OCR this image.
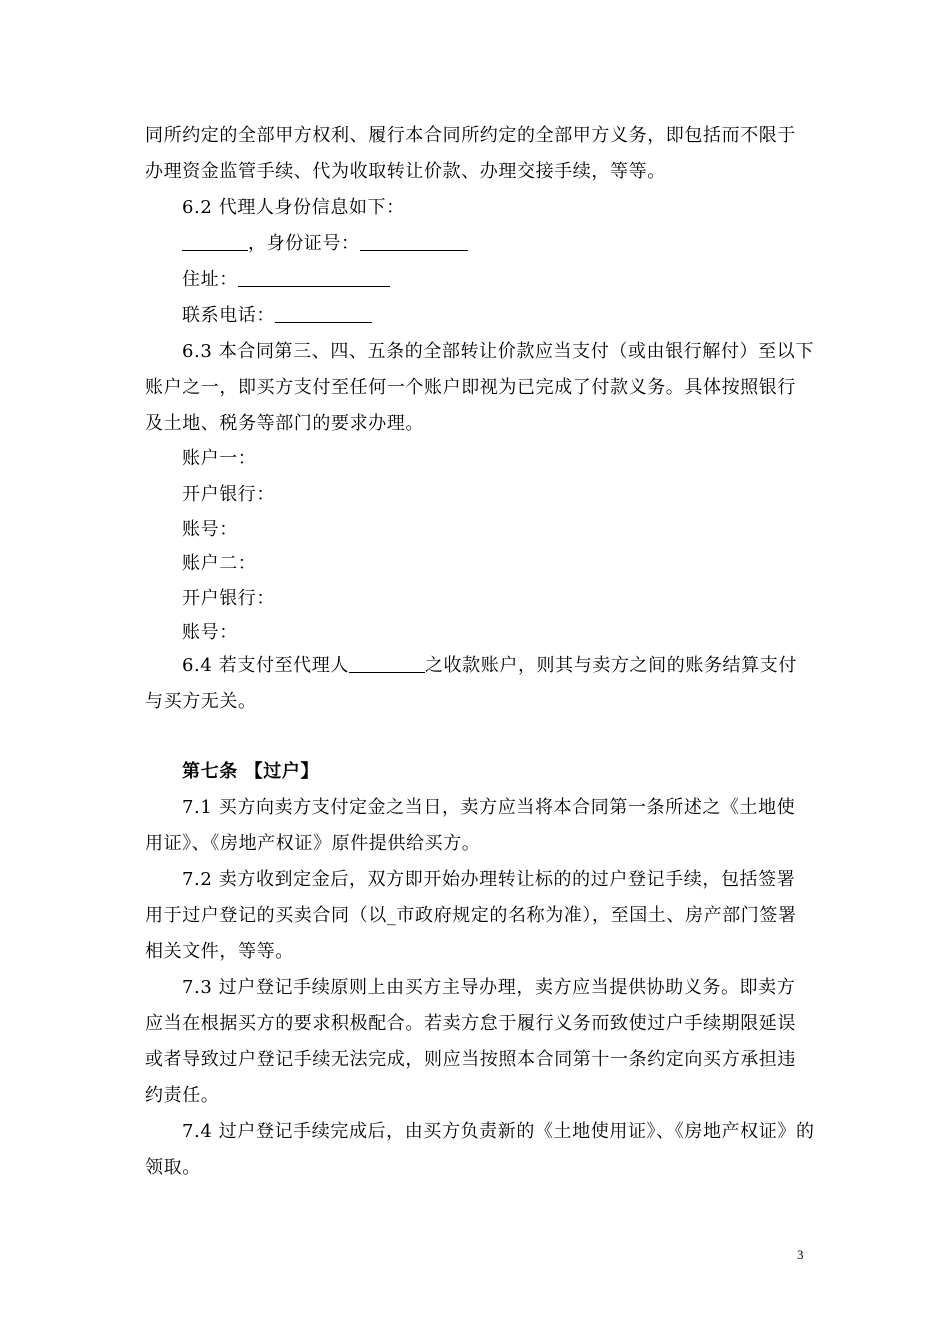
同所约定的全部甲方权利、履行本合同所约定的全部甲方义务，即包括而不限于
办理资金监管手续、代为收取转让价款、办理交接手续，等等。
6.2 代理人身份信息如下：
，身份证号：
住址：
联系电话：
6.3 本合同第三、四、五条的全部转让价款应当支付（或由银行解付）至以下
账户之一，即买方支付至任何一个账户即视为已完成了付款义务。具体按照银行
及土地、税务等部门的要求办理。
账户一：
开户银行：
账号：
账户二：
开户银行：
账号：
6.4 若支付至代理人	之收款账户，则其与卖方之间的账务结算支付
与买方无关。
第七条 【过户】
7.1 买方向卖方支付定金之当日，卖方应当将本合同第一条所述之《土地使
用证》、《房地产权证》原件提供给买方。
7.2 卖方收到定金后，双方即开始办理转让标的的过户登记手续，包括签署
用于过户登记的买卖合同（以_市政府规定的名称为准），至国土、房产部门签署
相关文件，等等。
7.3 过户登记手续原则上由买方主导办理，卖方应当提供协助义务。即卖方
应当在根据买方的要求积极配合。若卖方怠于履行义务而致使过户手续期限延误
或者导致过户登记手续无法完成，则应当按照本合同第十一条约定向买方承担违
约责任。
7.4 过户登记手续完成后，由买方负责新的《土地使用证》、《房地产权证》的
领取。
3
